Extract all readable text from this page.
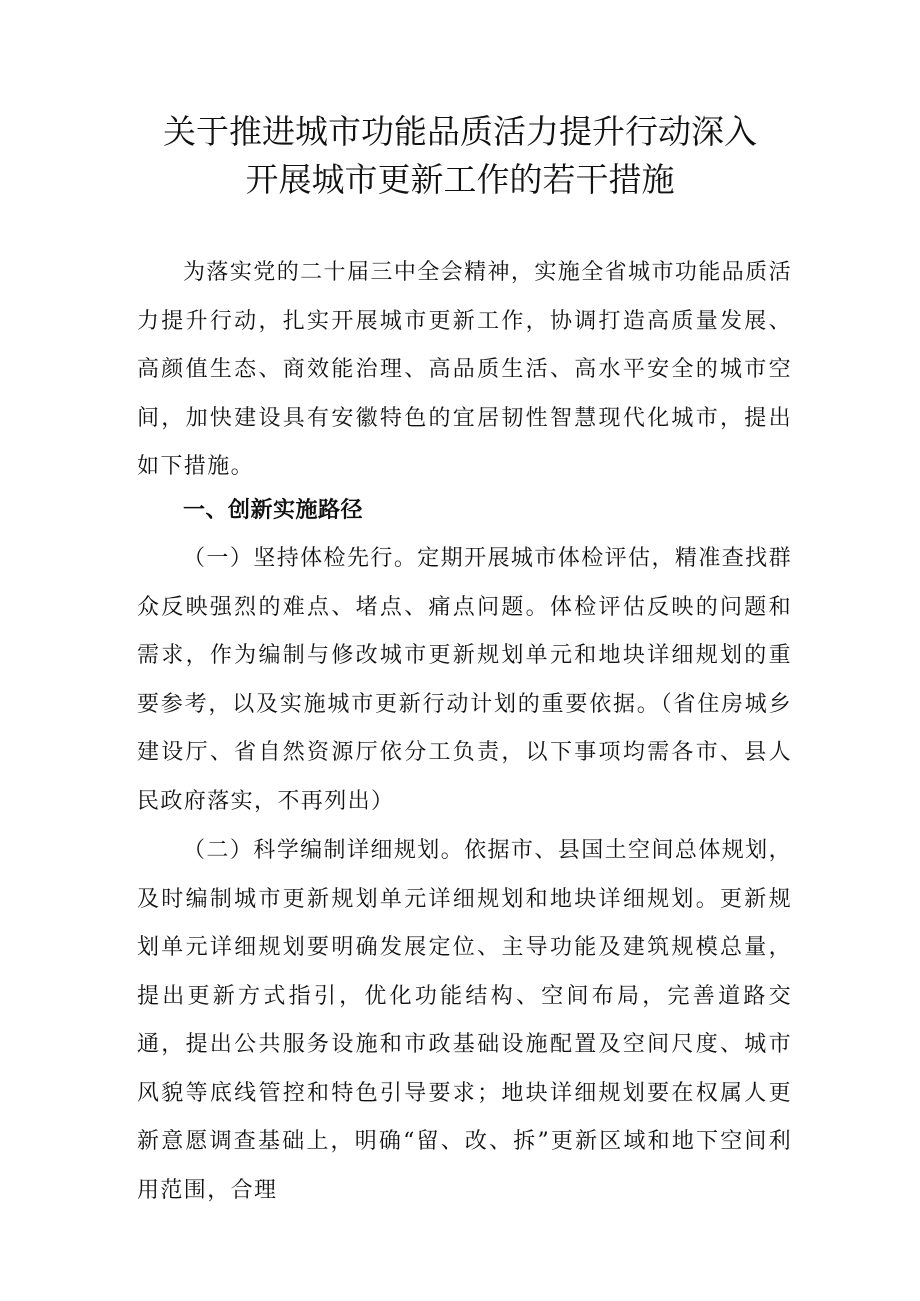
关于推进城市功能品质活力提升行动深入
开展城市更新工作的若干措施

为落实党的二十届三中全会精神，实施全省城市功能品质活力提升行动，扎实开展城市更新工作，协调打造高质量发展、高颜值生态、商效能治理、高品质生活、高水平安全的城市空间，加快建设具有安徽特色的宜居韧性智慧现代化城市，提出如下措施。

一、创新实施路径

（一）坚持体检先行。定期开展城市体检评估，精准查找群众反映强烈的难点、堵点、痛点问题。体检评估反映的问题和需求，作为编制与修改城市更新规划单元和地块详细规划的重要参考，以及实施城市更新行动计划的重要依据。（省住房城乡建设厅、省自然资源厅依分工负责，以下事项均需各市、县人民政府落实，不再列出）

（二）科学编制详细规划。依据市、县国土空间总体规划，及时编制城市更新规划单元详细规划和地块详细规划。更新规划单元详细规划要明确发展定位、主导功能及建筑规模总量，提出更新方式指引，优化功能结构、空间布局，完善道路交通，提出公共服务设施和市政基础设施配置及空间尺度、城市风貌等底线管控和特色引导要求；地块详细规划要在权属人更新意愿调查基础上，明确“留、改、拆”更新区域和地下空间利用范围，合理
